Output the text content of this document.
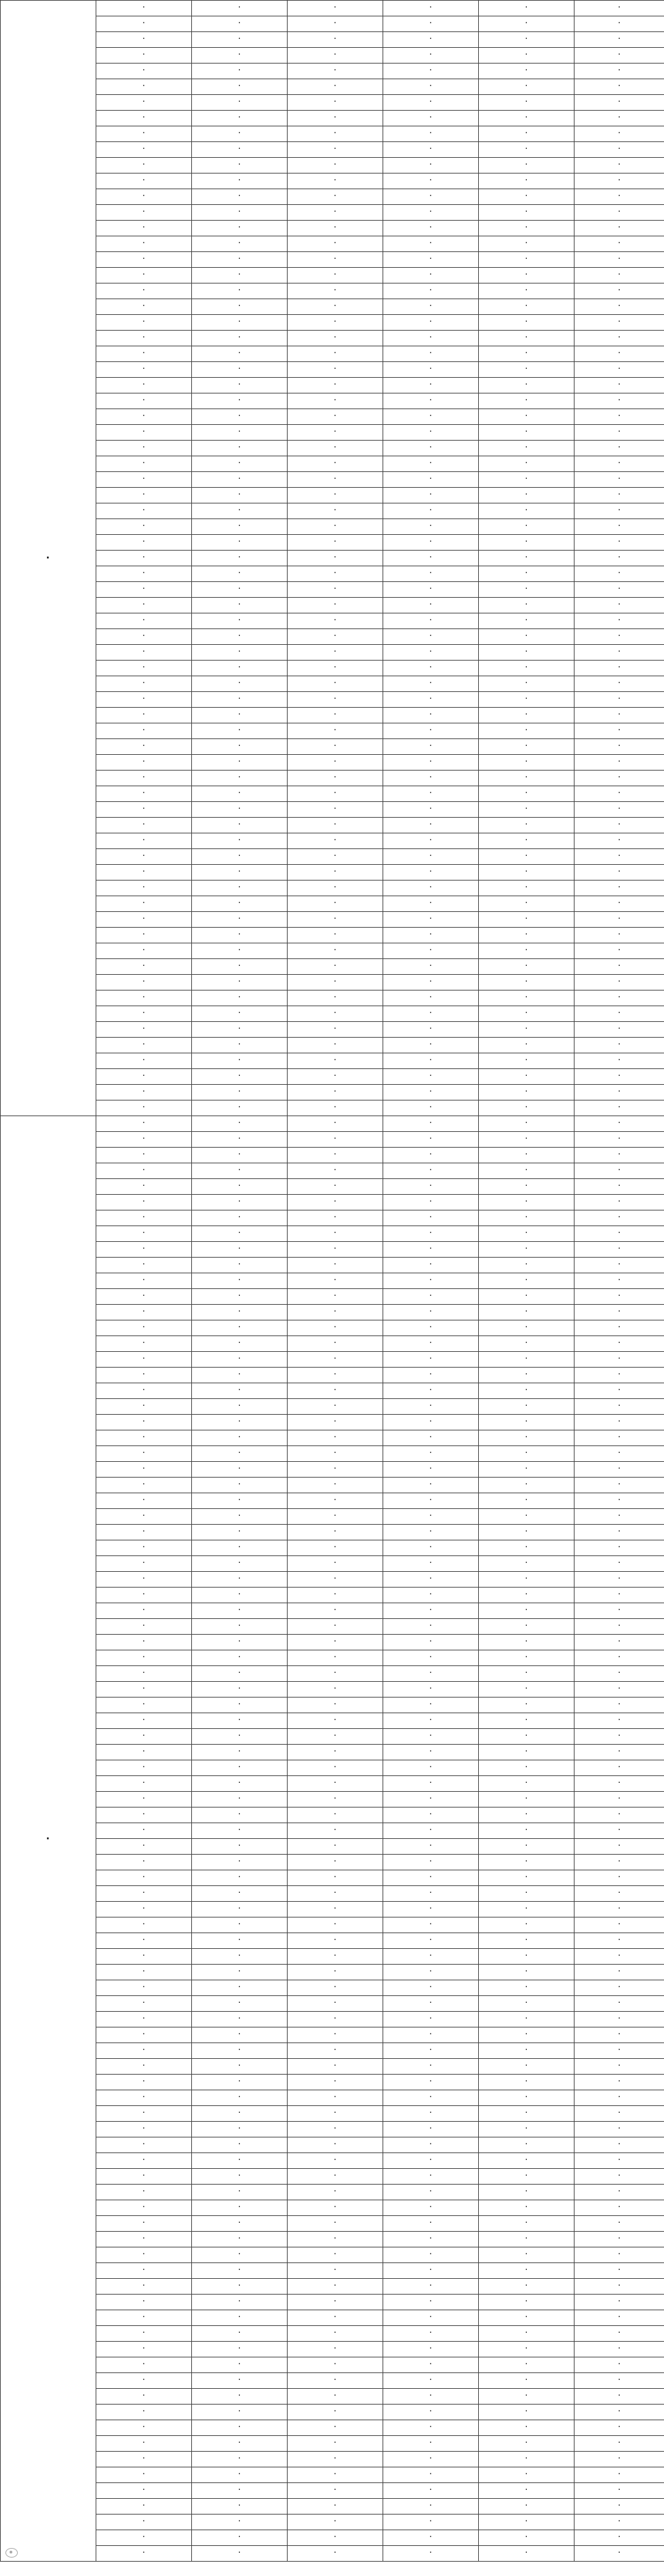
·	·	·	·	·	·	·
	·	·	·	·	·	·
	·	·	·	·	·	·
	·	·	·	·	·	·
	·	·	·	·	·	·
	·	·	·	·	·	·
	·	·	·	·	·	·
	·	·	·	·	·	·
	·	·	·	·	·	·
	·	·	·	·	·	·
	·	·	·	·	·	·
	·	·	·	·	·	·
	·	·	·	·	·	·
	·	·	·	·	·	·
	·	·	·	·	·	·
	·	·	·	·	·	·
	·	·	·	·	·	·
	·	·	·	·	·	·
	·	·	·	·	·	·
	·	·	·	·	·	·
	·	·	·	·	·	·
	·	·	·	·	·	·
	·	·	·	·	·	·
	·	·	·	·	·	·
	·	·	·	·	·	·
	·	·	·	·	·	·
	·	·	·	·	·	·
	·	·	·	·	·	·
	·	·	·	·	·	·
	·	·	·	·	·	·
	·	·	·	·	·	·
	·	·	·	·	·	·
	·	·	·	·	·	·
	·	·	·	·	·	·
	·	·	·	·	·	·
	·	·	·	·	·	·
	·	·	·	·	·	·
	·	·	·	·	·	·
	·	·	·	·	·	·
	·	·	·	·	·	·
	·	·	·	·	·	·
	·	·	·	·	·	·
	·	·	·	·	·	·
	·	·	·	·	·	·
	·	·	·	·	·	·
	·	·	·	·	·	·
	·	·	·	·	·	·
	·	·	·	·	·	·
	·	·	·	·	·	·
	·	·	·	·	·	·
	·	·	·	·	·	·
	·	·	·	·	·	·
	·	·	·	·	·	·
	·	·	·	·	·	·
	·	·	·	·	·	·
	·	·	·	·	·	·
	·	·	·	·	·	·
	·	·	·	·	·	·
	·	·	·	·	·	·
	·	·	·	·	·	·
	·	·	·	·	·	·
	·	·	·	·	·	·
	·	·	·	·	·	·
	·	·	·	·	·	·
	·	·	·	·	·	·
	·	·	·	·	·	·
	·	·	·	·	·	·
	·	·	·	·	·	·
	·	·	·	·	·	·
	·	·	·	·	·	·
	·	·	·	·	·	·
·	·	·	·	·	·	·
	·	·	·	·	·	·
	·	·	·	·	·	·
	·	·	·	·	·	·
	·	·	·	·	·	·
	·	·	·	·	·	·
	·	·	·	·	·	·
	·	·	·	·	·	·
	·	·	·	·	·	·
	·	·	·	·	·	·
	·	·	·	·	·	·
	·	·	·	·	·	·
	·	·	·	·	·	·
	·	·	·	·	·	·
	·	·	·	·	·	·
	·	·	·	·	·	·
	·	·	·	·	·	·
	·	·	·	·	·	·
	·	·	·	·	·	·
	·	·	·	·	·	·
	·	·	·	·	·	·
	·	·	·	·	·	·
	·	·	·	·	·	·
	·	·	·	·	·	·
	·	·	·	·	·	·
	·	·	·	·	·	·
	·	·	·	·	·	·
	·	·	·	·	·	·
	·	·	·	·	·	·
	·	·	·	·	·	·
	·	·	·	·	·	·
	·	·	·	·	·	·
	·	·	·	·	·	·
	·	·	·	·	·	·
	·	·	·	·	·	·
	·	·	·	·	·	·
	·	·	·	·	·	·
	·	·	·	·	·	·
	·	·	·	·	·	·
	·	·	·	·	·	·
	·	·	·	·	·	·
	·	·	·	·	·	·
	·	·	·	·	·	·
	·	·	·	·	·	·
	·	·	·	·	·	·
	·	·	·	·	·	·
	·	·	·	·	·	·
	·	·	·	·	·	·
	·	·	·	·	·	·
	·	·	·	·	·	·
	·	·	·	·	·	·
	·	·	·	·	·	·
	·	·	·	·	·	·
	·	·	·	·	·	·
	·	·	·	·	·	·
	·	·	·	·	·	·
	·	·	·	·	·	·
	·	·	·	·	·	·
	·	·	·	·	·	·
	·	·	·	·	·	·
	·	·	·	·	·	·
	·	·	·	·	·	·
	·	·	·	·	·	·
	·	·	·	·	·	·
	·	·	·	·	·	·
	·	·	·	·	·	·
	·	·	·	·	·	·
	·	·	·	·	·	·
	·	·	·	·	·	·
	·	·	·	·	·	·
	·	·	·	·	·	·
	·	·	·	·	·	·
	·	·	·	·	·	·
	·	·	·	·	·	·
	·	·	·	·	·	·
	·	·	·	·	·	·
	·	·	·	·	·	·
	·	·	·	·	·	·
	·	·	·	·	·	·
	·	·	·	·	·	·
	·	·	·	·	·	·
	·	·	·	·	·	·
	·	·	·	·	·	·
	·	·	·	·	·	·
	·	·	·	·	·	·
	·	·	·	·	·	·
	·	·	·	·	·	·
	·	·	·	·	·	·
	·	·	·	·	·	·
	·	·	·	·	·	·
	·	·	·	·	·	·
	·	·	·	·	·	·
